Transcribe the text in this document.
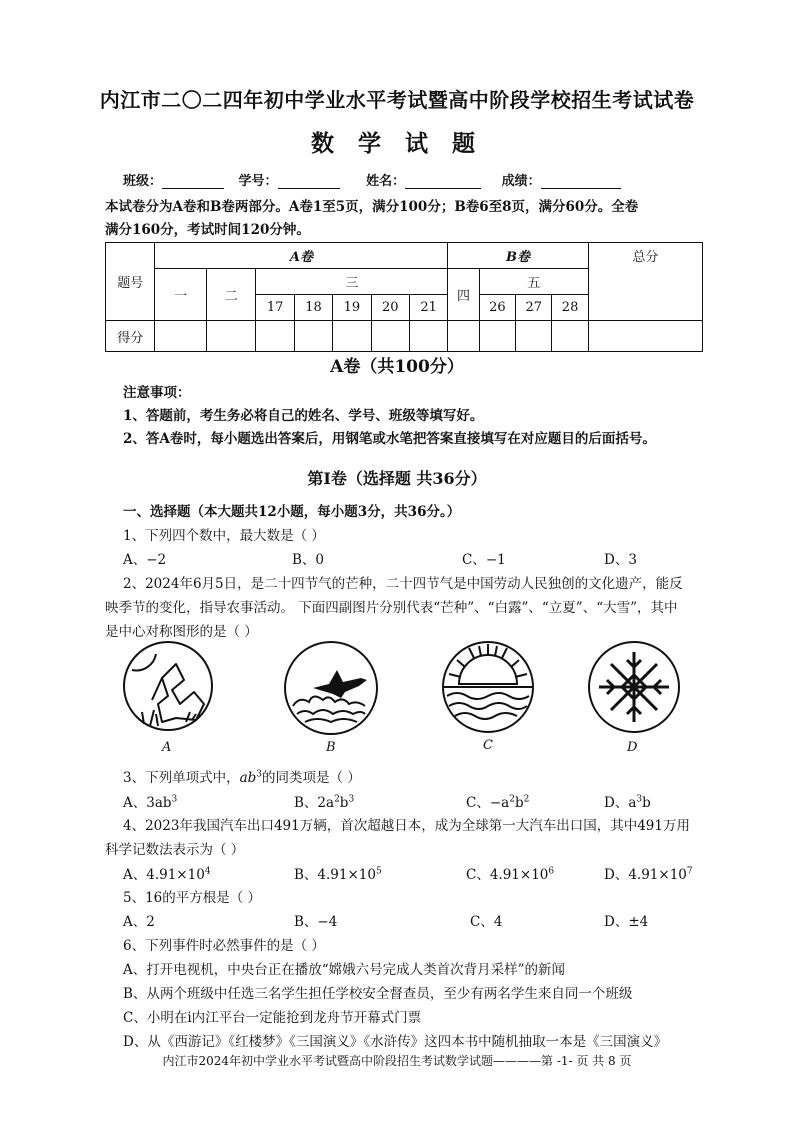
内江市二〇二四年初中学业水平考试暨高中阶段学校招生考试试卷
数 学 试 题
班级：	学号：	姓名：	成绩：
本试卷分为A卷和B卷两部分。A卷1至5页，满分100分；B卷6至8页，满分60分。全卷
满分160分，考试时间120分钟。
题号	A卷							B卷				总分
	一	二	三					四	五			
			17	18	19	20	21		26	27	28	
得分												
A卷（共100分）
注意事项：
1、答题前，考生务必将自己的姓名、学号、班级等填写好。
2、答A卷时，每小题选出答案后，用钢笔或水笔把答案直接填写在对应题目的后面括号。
第Ⅰ卷（选择题 共36分）
一、选择题（本大题共12小题，每小题3分，共36分。）
1、下列四个数中，最大数是（ ）
A、−2	B、0	C、−1	D、3
2、2024年6月5日，是二十四节气的芒种，二十四节气是中国劳动人民独创的文化遗产，能反
映季节的变化，指导农事活动。 下面四副图片分别代表“芒种”、“白露”、“立夏”、“大雪”，其中
是中心对称图形的是（ ）
A	B	C	D
3、下列单项式中，$ab^3$的同类项是（ ）
A、$3ab^3$	B、$2a^2b^3$	C、$-a^2b^2$	D、$a^3b$
4、2023年我国汽车出口491万辆，首次超越日本，成为全球第一大汽车出口国，其中491万用
科学记数法表示为（ ）
A、$4.91\times 10^4$	B、$4.91\times 10^5$	C、$4.91\times 10^6$	D、$4.91\times 10^7$
5、16的平方根是（ ）
A、2	B、−4	C、4	D、±4
6、下列事件时必然事件的是（ ）
A、打开电视机，中央台正在播放“嫦娥六号完成人类首次背月采样”的新闻
B、从两个班级中任选三名学生担任学校安全督查员，至少有两名学生来自同一个班级
C、小明在i内江平台一定能抢到龙舟节开幕式门票
D、从《西游记》《红楼梦》《三国演义》《水浒传》这四本书中随机抽取一本是《三国演义》
内江市2024年初中学业水平考试暨高中阶段招生考试数学试题————第 -1- 页 共 8 页
